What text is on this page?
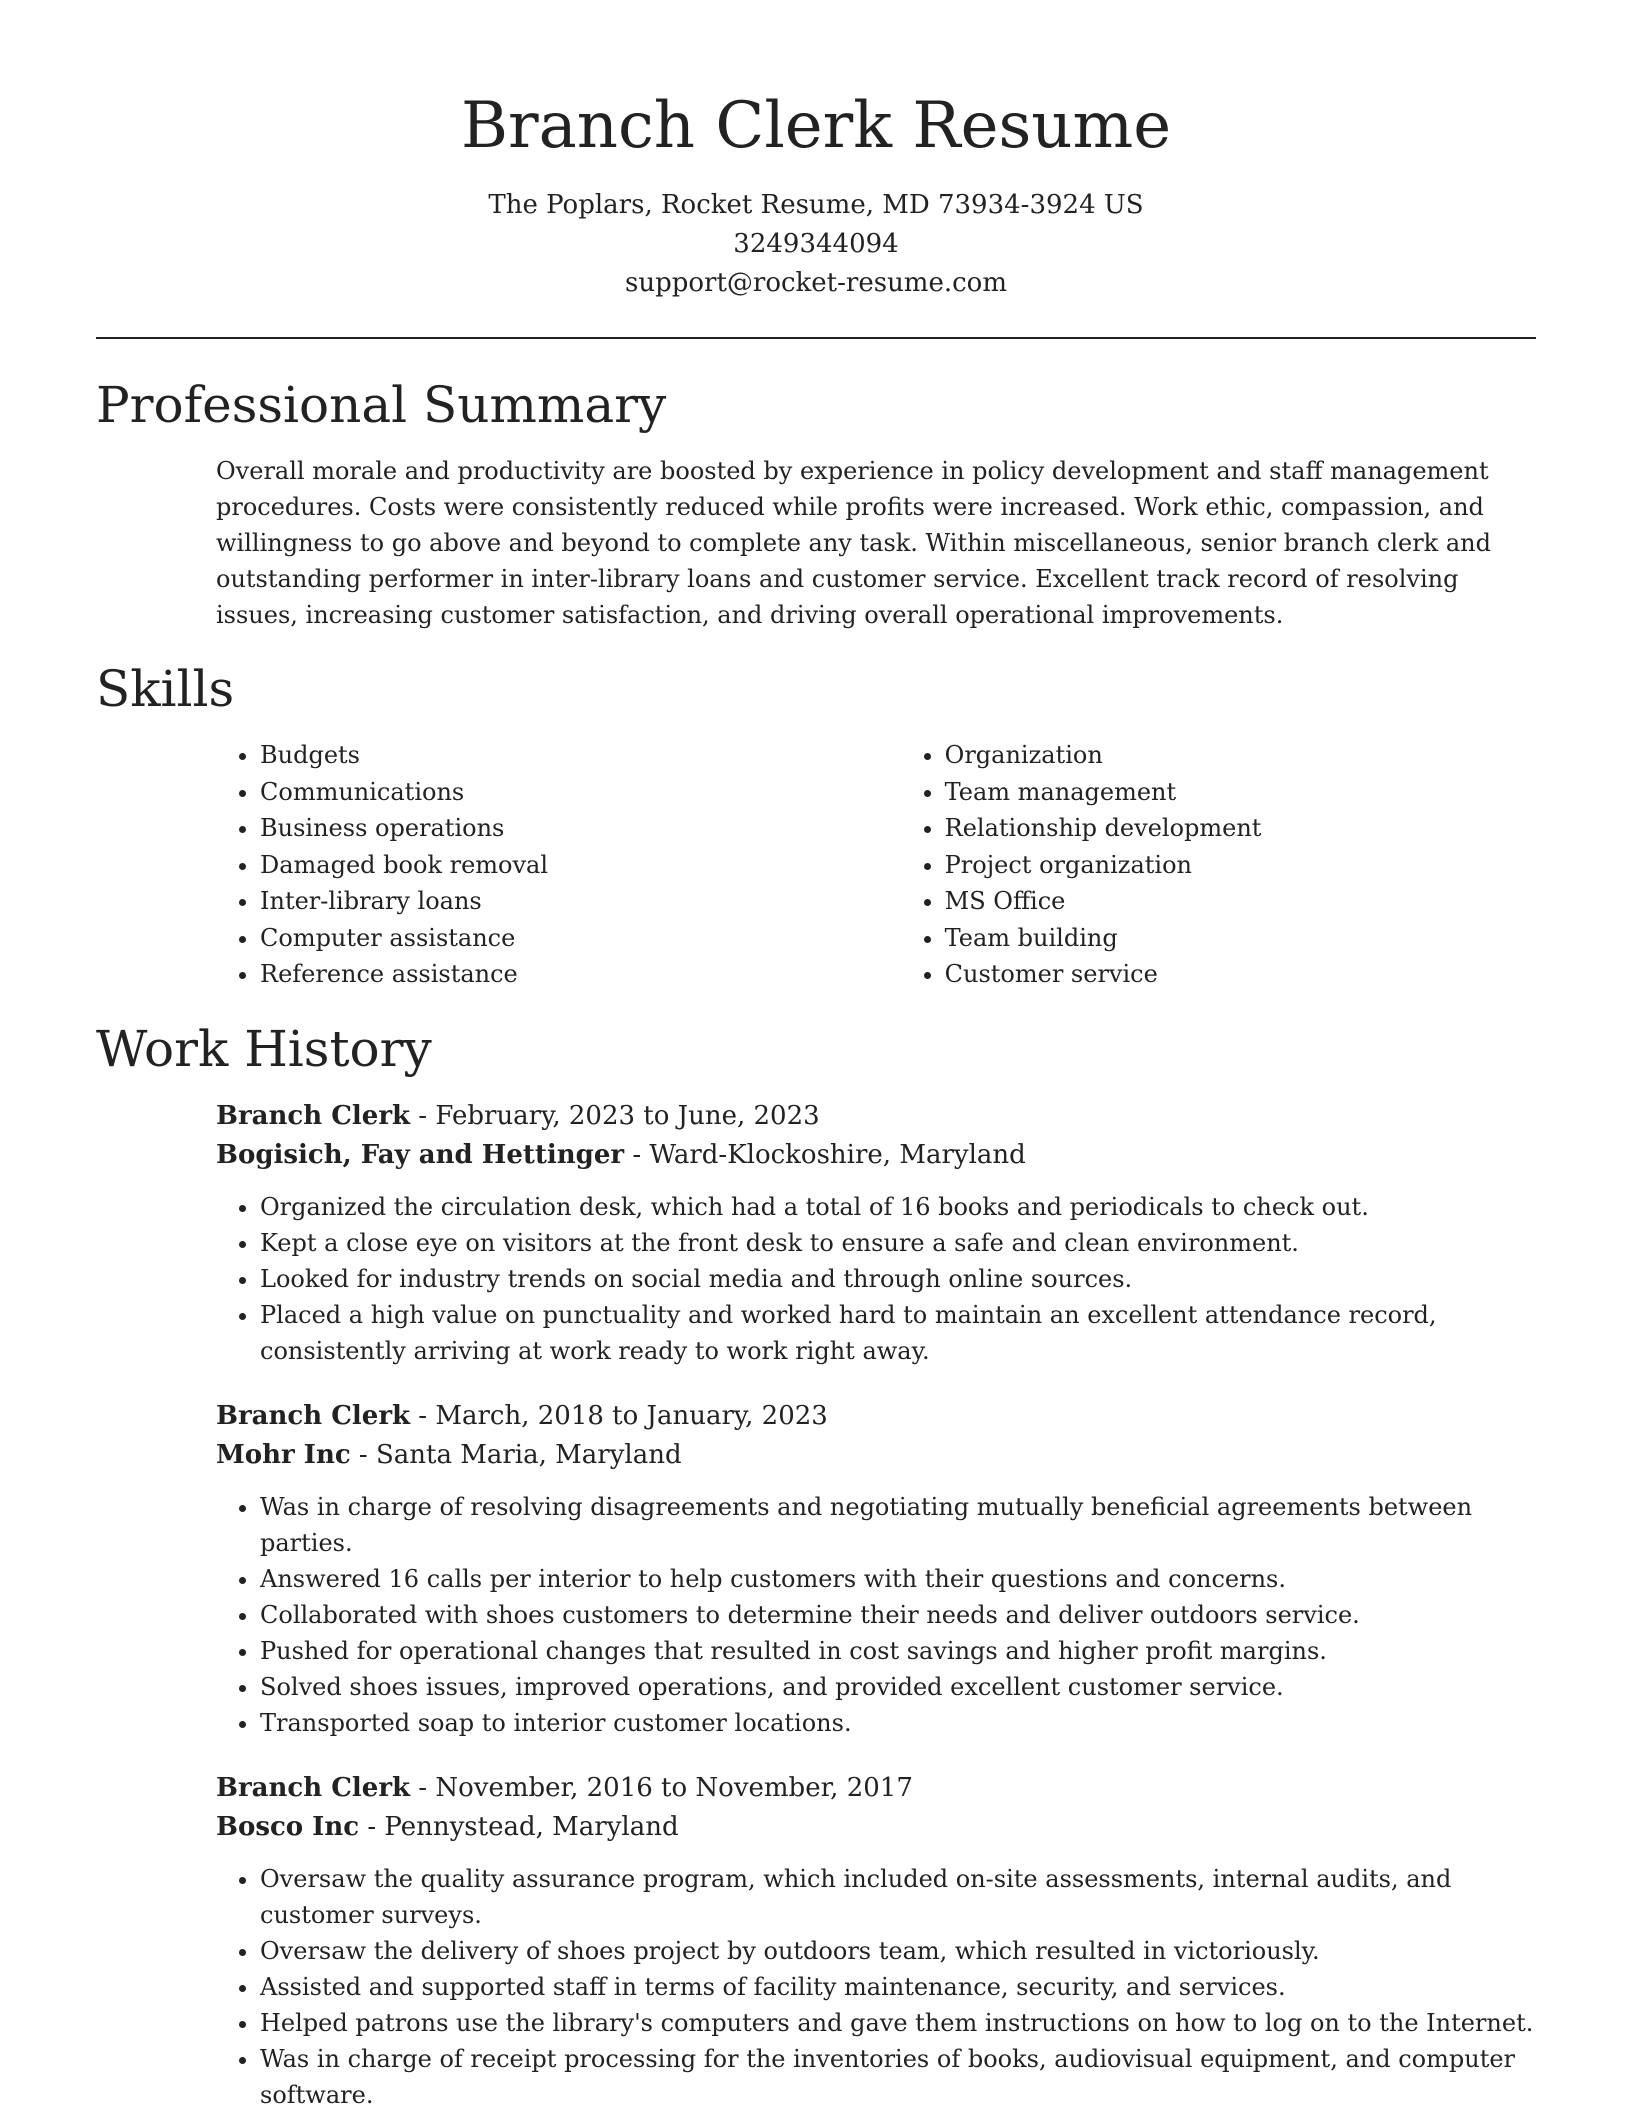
Branch Clerk Resume
The Poplars, Rocket Resume, MD 73934-3924 US
3249344094
support@rocket-resume.com
Professional Summary
Overall morale and productivity are boosted by experience in policy development and staff management procedures. Costs were consistently reduced while profits were increased. Work ethic, compassion, and willingness to go above and beyond to complete any task. Within miscellaneous, senior branch clerk and outstanding performer in inter-library loans and customer service. Excellent track record of resolving issues, increasing customer satisfaction, and driving overall operational improvements.
Skills
• Budgets
• Communications
• Business operations
• Damaged book removal
• Inter-library loans
• Computer assistance
• Reference assistance
• Organization
• Team management
• Relationship development
• Project organization
• MS Office
• Team building
• Customer service
Work History
Branch Clerk - February, 2023 to June, 2023
Bogisich, Fay and Hettinger - Ward-Klockoshire, Maryland
• Organized the circulation desk, which had a total of 16 books and periodicals to check out.
• Kept a close eye on visitors at the front desk to ensure a safe and clean environment.
• Looked for industry trends on social media and through online sources.
• Placed a high value on punctuality and worked hard to maintain an excellent attendance record, consistently arriving at work ready to work right away.
Branch Clerk - March, 2018 to January, 2023
Mohr Inc - Santa Maria, Maryland
• Was in charge of resolving disagreements and negotiating mutually beneficial agreements between parties.
• Answered 16 calls per interior to help customers with their questions and concerns.
• Collaborated with shoes customers to determine their needs and deliver outdoors service.
• Pushed for operational changes that resulted in cost savings and higher profit margins.
• Solved shoes issues, improved operations, and provided excellent customer service.
• Transported soap to interior customer locations.
Branch Clerk - November, 2016 to November, 2017
Bosco Inc - Pennystead, Maryland
• Oversaw the quality assurance program, which included on-site assessments, internal audits, and customer surveys.
• Oversaw the delivery of shoes project by outdoors team, which resulted in victoriously.
• Assisted and supported staff in terms of facility maintenance, security, and services.
• Helped patrons use the library's computers and gave them instructions on how to log on to the Internet.
• Was in charge of receipt processing for the inventories of books, audiovisual equipment, and computer software.
